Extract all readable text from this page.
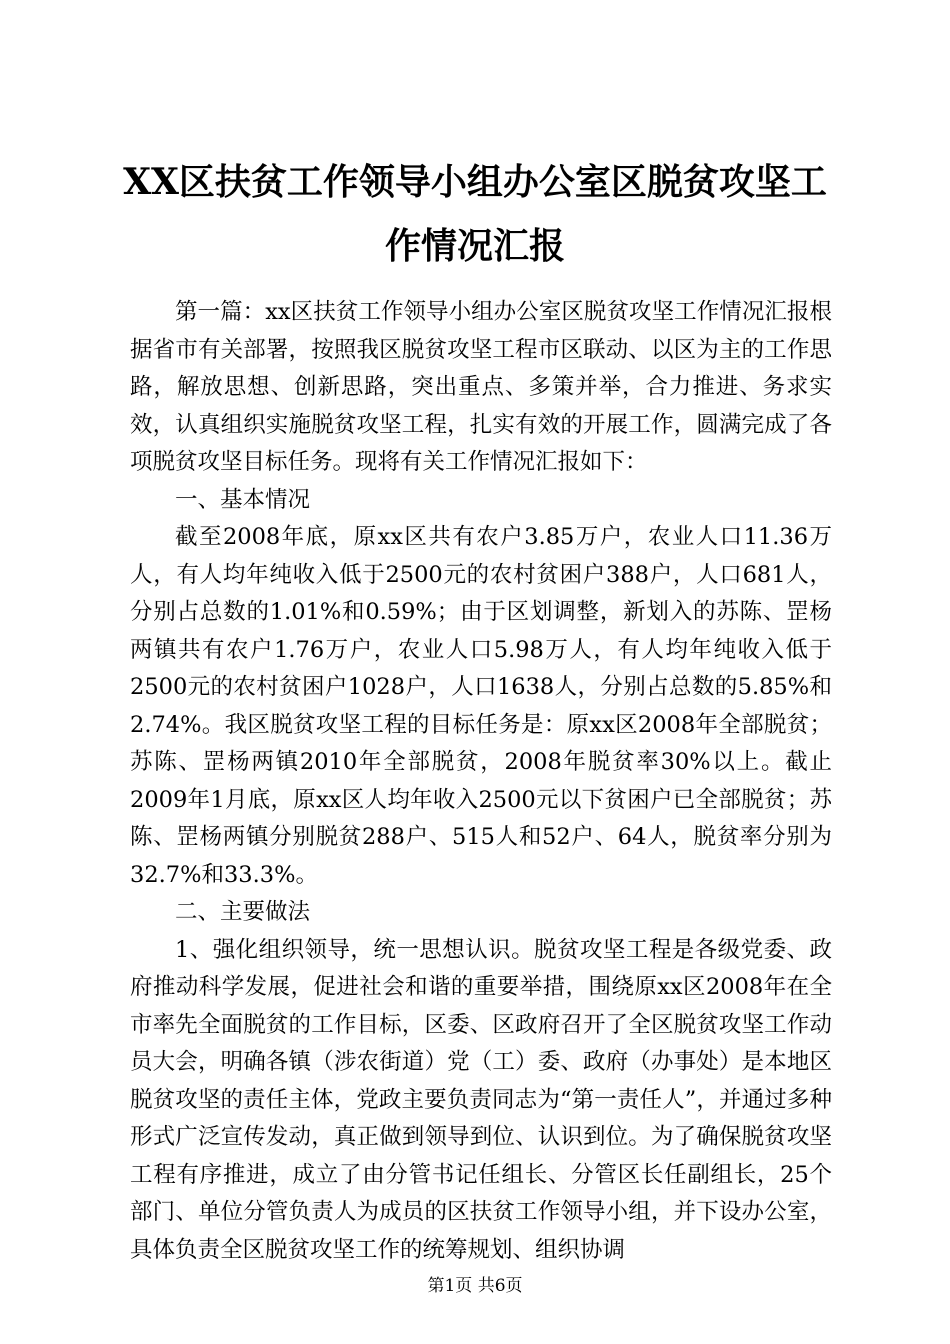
XX区扶贫工作领导小组办公室区脱贫攻坚工
作情况汇报

第一篇：xx区扶贫工作领导小组办公室区脱贫攻坚工作情况汇报根据省市有关部署，按照我区脱贫攻坚工程市区联动、以区为主的工作思路，解放思想、创新思路，突出重点、多策并举，合力推进、务求实效，认真组织实施脱贫攻坚工程，扎实有效的开展工作，圆满完成了各项脱贫攻坚目标任务。现将有关工作情况汇报如下：

一、基本情况

截至2008年底，原xx区共有农户3.85万户，农业人口11.36万人，有人均年纯收入低于2500元的农村贫困户388户，人口681人，分别占总数的1.01%和0.59%；由于区划调整，新划入的苏陈、罡杨两镇共有农户1.76万户，农业人口5.98万人，有人均年纯收入低于2500元的农村贫困户1028户，人口1638人，分别占总数的5.85%和2.74%。我区脱贫攻坚工程的目标任务是：原xx区2008年全部脱贫；苏陈、罡杨两镇2010年全部脱贫，2008年脱贫率30%以上。截止2009年1月底，原xx区人均年收入2500元以下贫困户已全部脱贫；苏陈、罡杨两镇分别脱贫288户、515人和52户、64人，脱贫率分别为32.7%和33.3%。

二、主要做法

1、强化组织领导，统一思想认识。脱贫攻坚工程是各级党委、政府推动科学发展，促进社会和谐的重要举措，围绕原xx区2008年在全市率先全面脱贫的工作目标，区委、区政府召开了全区脱贫攻坚工作动员大会，明确各镇（涉农街道）党（工）委、政府（办事处）是本地区脱贫攻坚的责任主体，党政主要负责同志为“第一责任人”，并通过多种形式广泛宣传发动，真正做到领导到位、认识到位。为了确保脱贫攻坚工程有序推进，成立了由分管书记任组长、分管区长任副组长，25个部门、单位分管负责人为成员的区扶贫工作领导小组，并下设办公室，具体负责全区脱贫攻坚工作的统筹规划、组织协调

第1页 共6页
